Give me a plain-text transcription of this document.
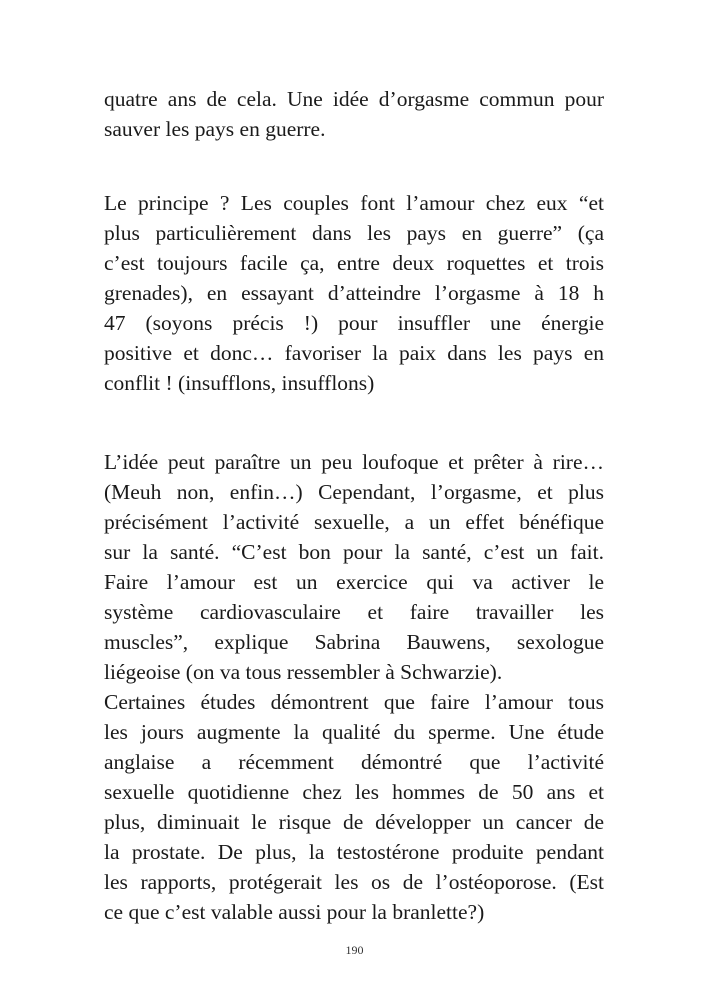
quatre ans de cela. Une idée d’orgasme commun pour
sauver les pays en guerre.

Le principe ? Les couples font l’amour chez eux “et
plus particulièrement dans les pays en guerre” (ça
c’est toujours facile ça, entre deux roquettes et trois
grenades), en essayant d’atteindre l’orgasme à 18 h
47 (soyons précis !) pour insuffler une énergie
positive et donc… favoriser la paix dans les pays en
conflit ! (insufflons, insufflons)

L’idée peut paraître un peu loufoque et prêter à rire…
(Meuh non, enfin…) Cependant, l’orgasme, et plus
précisément l’activité sexuelle, a un effet bénéfique
sur la santé. “C’est bon pour la santé, c’est un fait.
Faire l’amour est un exercice qui va activer le
système cardiovasculaire et faire travailler les
muscles”, explique Sabrina Bauwens, sexologue
liégeoise (on va tous ressembler à Schwarzie).
Certaines études démontrent que faire l’amour tous
les jours augmente la qualité du sperme. Une étude
anglaise a récemment démontré que l’activité
sexuelle quotidienne chez les hommes de 50 ans et
plus, diminuait le risque de développer un cancer de
la prostate. De plus, la testostérone produite pendant
les rapports, protégerait les os de l’ostéoporose. (Est
ce que c’est valable aussi pour la branlette?)

190
